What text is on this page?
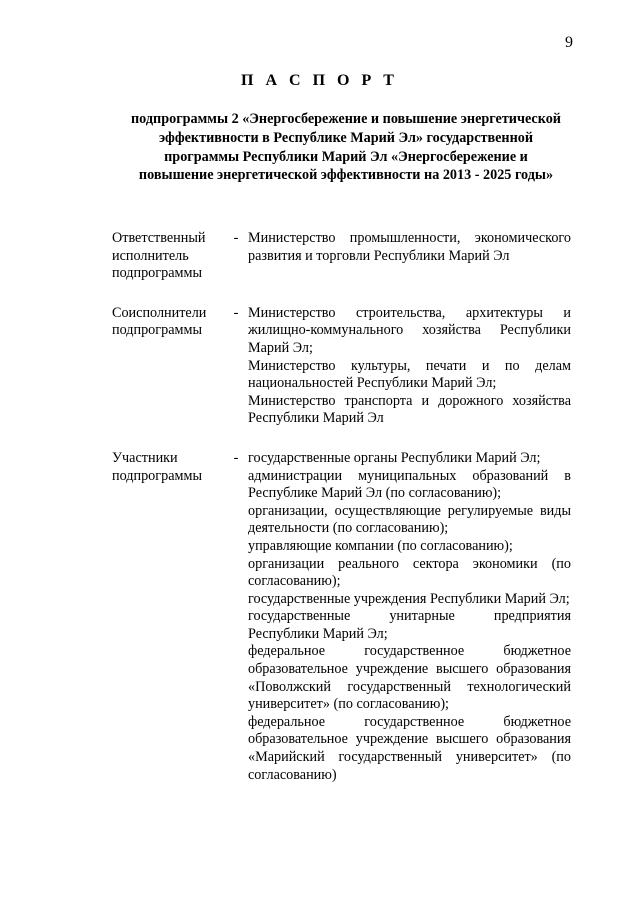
9
П А С П О Р Т
подпрограммы 2 «Энергосбережение и повышение энергетической
эффективности в Республике Марий Эл» государственной
программы Республики Марий Эл «Энергосбережение и
повышение энергетической эффективности на 2013 - 2025 годы»
Ответственный исполнитель подпрограммы
- Министерство промышленности, экономического развития и торговли Республики Марий Эл

Соисполнители подпрограммы
- Министерство строительства, архитектуры и жилищно-коммунального хозяйства Республики Марий Эл;

Министерство культуры, печати и по делам национальностей Республики Марий Эл;

Министерство транспорта и дорожного хозяйства Республики Марий Эл

Участники подпрограммы
- государственные органы Республики Марий Эл;

администрации муниципальных образований в Республике Марий Эл (по согласованию);

организации, осуществляющие регулируемые виды деятельности (по согласованию);

управляющие компании (по согласованию);

организации реального сектора экономики (по согласованию);

государственные учреждения Республики Марий Эл;

государственные унитарные предприятия Республики Марий Эл;

федеральное государственное бюджетное образовательное учреждение высшего образования «Поволжский государственный технологический университет» (по согласованию);

федеральное государственное бюджетное образовательное учреждение высшего образования «Марийский государственный университет» (по согласованию)
